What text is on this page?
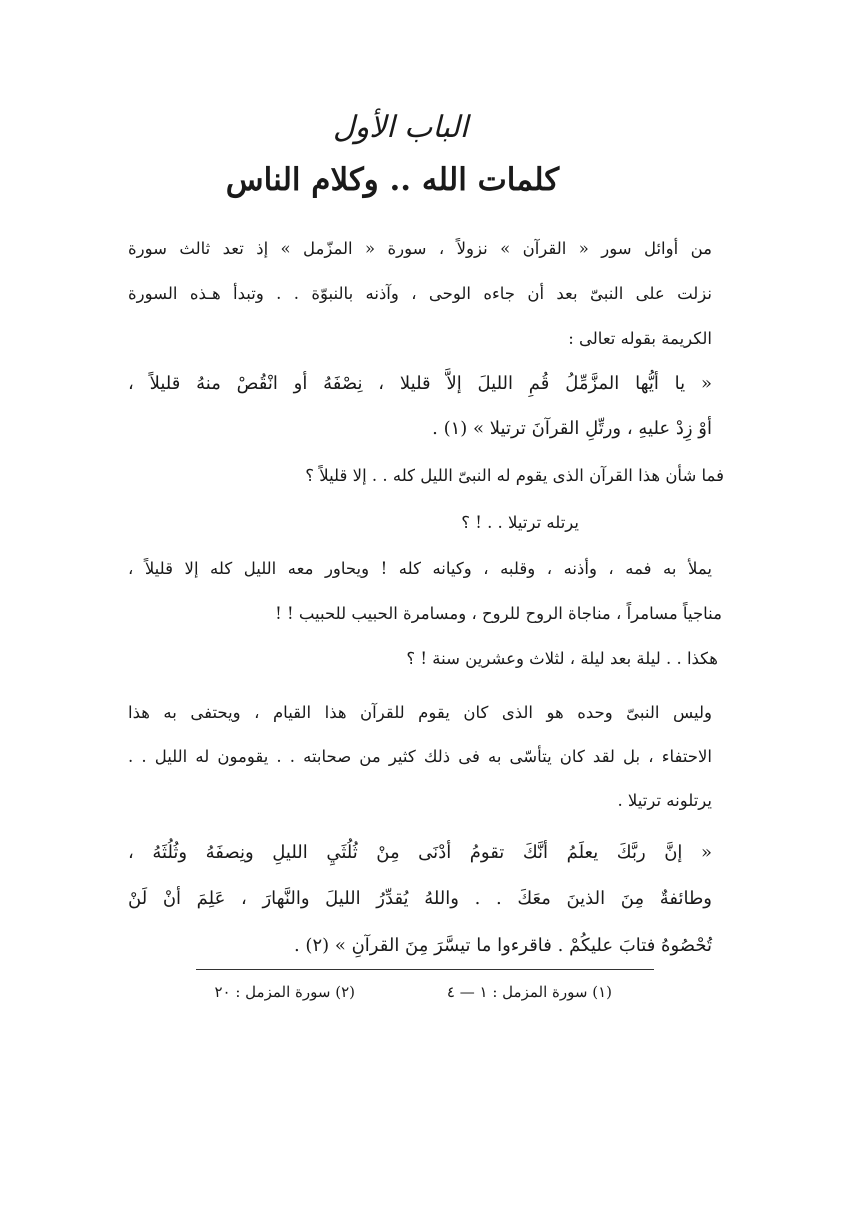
الباب الأول
كلمات الله .. وكلام الناس
من أوائل سور « القرآن » نزولاً ، سورة « المزّمل » إذ تعد ثالث سورة
نزلت على النبىّ بعد أن جاءه الوحى ، وآذنه بالنبوّة . . وتبدأ هـذه السورة
الكريمة بقوله تعالى :
« يا أيُّها المزَّمِّلُ قُمِ الليلَ إلاَّ قليلا ، نِصْفَهُ أو انْقُصْ منهُ قليلاً ،
أوْ زِدْ عليهِ ، ورتِّلِ القرآنَ ترتيلا » (١) .
فما شأن هذا القرآن الذى يقوم له النبىّ الليل كله . . إلا قليلاً ؟
يرتله ترتيلا . . ! ؟
يملأ به فمه ، وأذنه ، وقلبه ، وكيانه كله ! ويحاور معه الليل كله إلا قليلاً ،
مناجياً مسامراً ، مناجاة الروح للروح ، ومسامرة الحبيب للحبيب ! !
هكذا . . ليلة بعد ليلة ، لثلاث وعشرين سنة ! ؟
وليس النبىّ وحده هو الذى كان يقوم للقرآن هذا القيام ، ويحتفى به هذا
الاحتفاء ، بل لقد كان يتأسّى به فى ذلك كثير من صحابته . . يقومون له الليل . .
يرتلونه ترتيلا .
« إنَّ ربَّكَ يعلَمُ أنَّكَ تقومُ أدْنَى مِنْ ثُلُثَيِ الليلِ ونِصفَهُ وثُلُثَهُ ،
وطائفةٌ مِنَ الذينَ معَكَ . . واللهُ يُقدِّرُ الليلَ والنَّهارَ ، عَلِمَ أنْ لَنْ
تُحْصُوهُ فتابَ عليكُمْ . فاقرءوا ما تيسَّرَ مِنَ القرآنِ » (٢) .
(١) سورة المزمل : ١ — ٤
(٢) سورة المزمل : ٢٠
